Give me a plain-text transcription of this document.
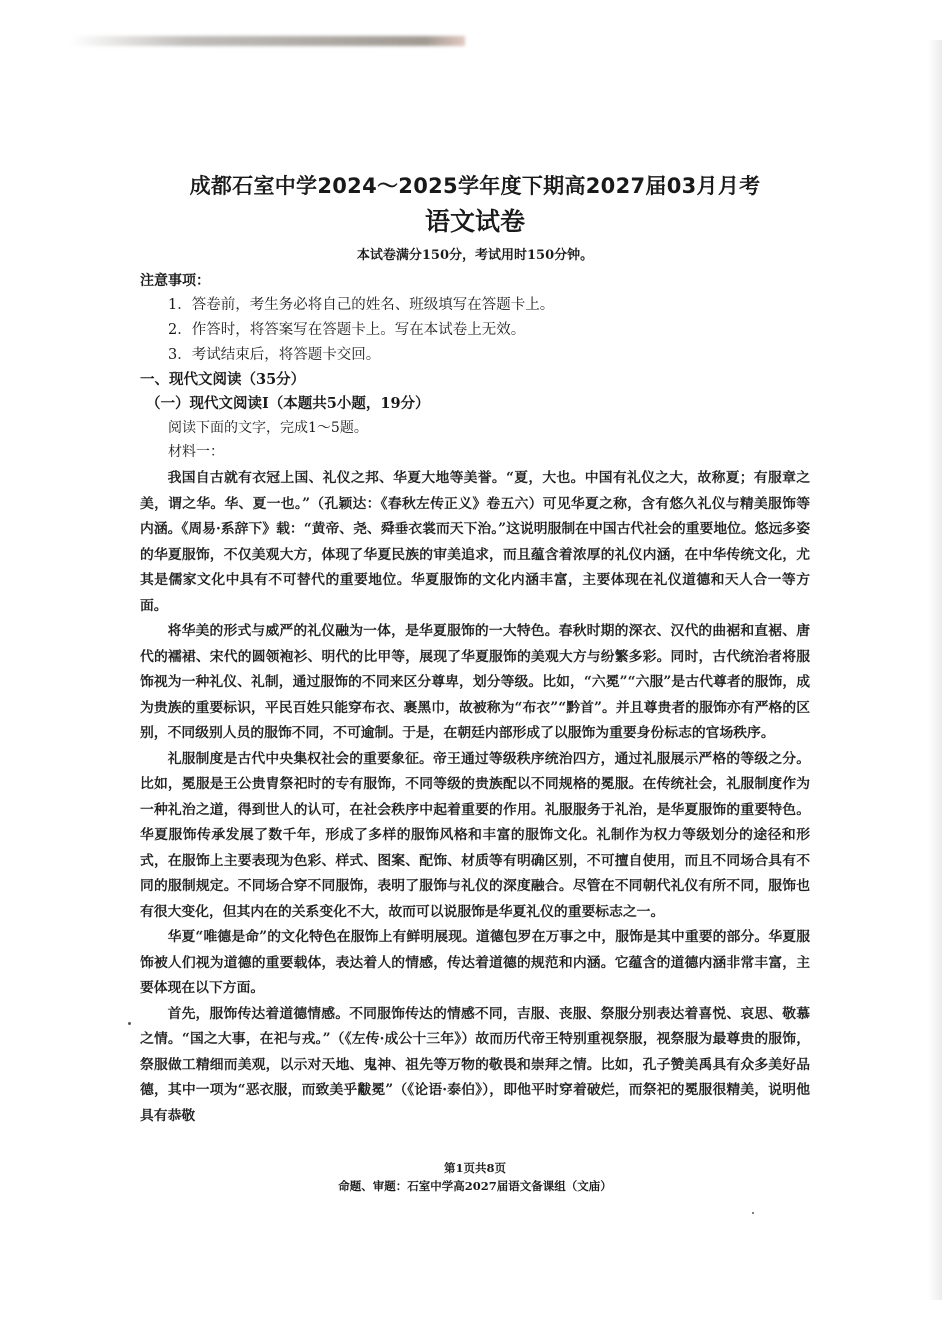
成都石室中学2024～2025学年度下期高2027届03月月考
语文试卷

本试卷满分150分，考试用时150分钟。

注意事项：

1．答卷前，考生务必将自己的姓名、班级填写在答题卡上。

2．作答时，将答案写在答题卡上。写在本试卷上无效。

3．考试结束后，将答题卡交回。

一、现代文阅读（35分）

（一）现代文阅读Ⅰ（本题共5小题，19分）

阅读下面的文字，完成1～5题。

材料一：

我国自古就有衣冠上国、礼仪之邦、华夏大地等美誉。“夏，大也。中国有礼仪之大，故称夏；有服章之美，谓之华。华、夏一也。”（孔颖达：《春秋左传正义》卷五六）可见华夏之称，含有悠久礼仪与精美服饰等内涵。《周易·系辞下》载：“黄帝、尧、舜垂衣裳而天下治。”这说明服制在中国古代社会的重要地位。悠远多姿的华夏服饰，不仅美观大方，体现了华夏民族的审美追求，而且蕴含着浓厚的礼仪内涵，在中华传统文化，尤其是儒家文化中具有不可替代的重要地位。华夏服饰的文化内涵丰富，主要体现在礼仪道德和天人合一等方面。

将华美的形式与威严的礼仪融为一体，是华夏服饰的一大特色。春秋时期的深衣、汉代的曲裾和直裾、唐代的襦裙、宋代的圆领袍衫、明代的比甲等，展现了华夏服饰的美观大方与纷繁多彩。同时，古代统治者将服饰视为一种礼仪、礼制，通过服饰的不同来区分尊卑，划分等级。比如，“六冕”“六服”是古代尊者的服饰，成为贵族的重要标识，平民百姓只能穿布衣、裹黑巾，故被称为“布衣”“黔首”。并且尊贵者的服饰亦有严格的区别，不同级别人员的服饰不同，不可逾制。于是，在朝廷内部形成了以服饰为重要身份标志的官场秩序。

礼服制度是古代中央集权社会的重要象征。帝王通过等级秩序统治四方，通过礼服展示严格的等级之分。比如，冕服是王公贵胄祭祀时的专有服饰，不同等级的贵族配以不同规格的冕服。在传统社会，礼服制度作为一种礼治之道，得到世人的认可，在社会秩序中起着重要的作用。礼服服务于礼治，是华夏服饰的重要特色。华夏服饰传承发展了数千年，形成了多样的服饰风格和丰富的服饰文化。礼制作为权力等级划分的途径和形式，在服饰上主要表现为色彩、样式、图案、配饰、材质等有明确区别，不可擅自使用，而且不同场合具有不同的服制规定。不同场合穿不同服饰，表明了服饰与礼仪的深度融合。尽管在不同朝代礼仪有所不同，服饰也有很大变化，但其内在的关系变化不大，故而可以说服饰是华夏礼仪的重要标志之一。

华夏“唯德是命”的文化特色在服饰上有鲜明展现。道德包罗在万事之中，服饰是其中重要的部分。华夏服饰被人们视为道德的重要载体，表达着人的情感，传达着道德的规范和内涵。它蕴含的道德内涵非常丰富，主要体现在以下方面。

首先，服饰传达着道德情感。不同服饰传达的情感不同，吉服、丧服、祭服分别表达着喜悦、哀思、敬慕之情。“国之大事，在祀与戎。”（《左传·成公十三年》）故而历代帝王特别重视祭服，视祭服为最尊贵的服饰，祭服做工精细而美观，以示对天地、鬼神、祖先等万物的敬畏和崇拜之情。比如，孔子赞美禹具有众多美好品德，其中一项为“恶衣服，而致美乎黻冕”（《论语·泰伯》），即他平时穿着破烂，而祭祀的冕服很精美，说明他具有恭敬

第1页共8页
命题、审题：石室中学高2027届语文备课组（文庙）
